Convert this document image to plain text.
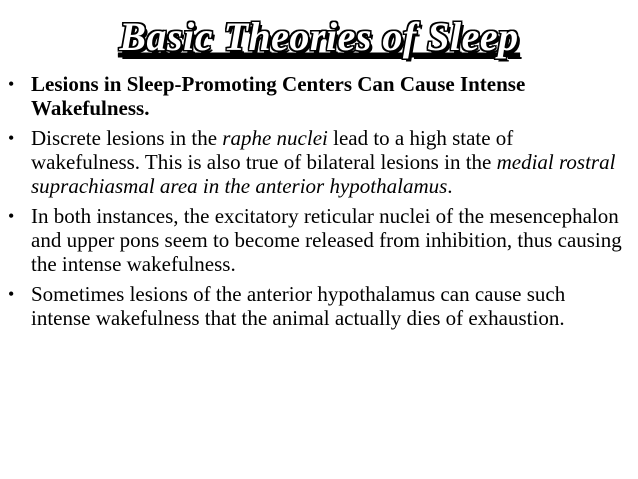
Basic Theories of Sleep
• Lesions in Sleep-Promoting Centers Can Cause Intense Wakefulness.
• Discrete lesions in the raphe nuclei lead to a high state of wakefulness. This is also true of bilateral lesions in the medial rostral suprachiasmal area in the anterior hypothalamus.
• In both instances, the excitatory reticular nuclei of the mesencephalon and upper pons seem to become released from inhibition, thus causing the intense wakefulness.
• Sometimes lesions of the anterior hypothalamus can cause such intense wakefulness that the animal actually dies of exhaustion.
